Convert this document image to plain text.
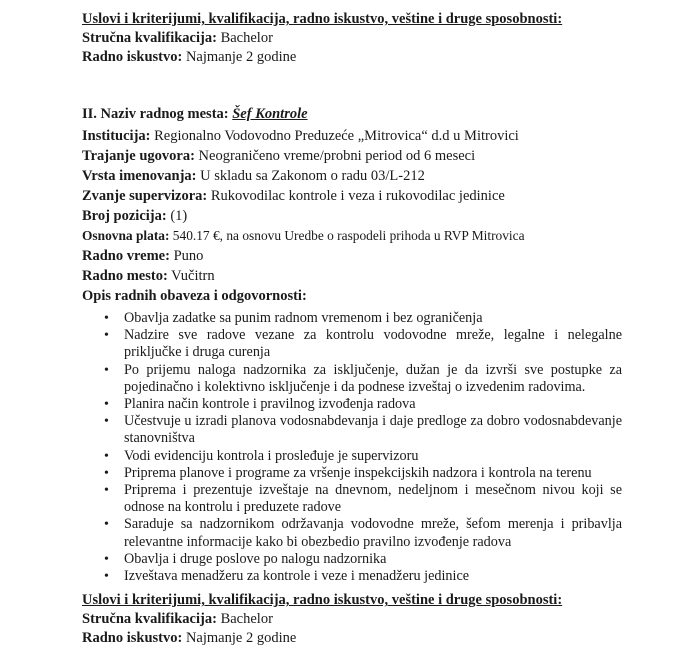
Uslovi i kriterijumi, kvalifikacija, radno iskustvo, veštine i druge sposobnosti:

Stručna kvalifikacija: Bachelor

Radno iskustvo: Najmanje 2 godine

II. Naziv radnog mesta: Šef Kontrole

Institucija: Regionalno Vodovodno Preduzeće „Mitrovica“ d.d u Mitrovici

Trajanje ugovora: Neograničeno vreme/probni period od 6 meseci

Vrsta imenovanja: U skladu sa Zakonom o radu 03/L-212

Zvanje supervizora: Rukovodilac kontrole i veza i rukovodilac jedinice

Broj pozicija: (1)

Osnovna plata: 540.17 €, na osnovu Uredbe o raspodeli prihoda u RVP Mitrovica

Radno vreme: Puno

Radno mesto: Vučitrn

Opis radnih obaveza i odgovornosti:

• Obavlja zadatke sa punim radnom vremenom i bez ograničenja
• Nadzire sve radove vezane za kontrolu vodovodne mreže, legalne i nelegalne priključke i druga curenja
• Po prijemu naloga nadzornika za isključenje, dužan je da izvrši sve postupke za pojedinačno i kolektivno isključenje i da podnese izveštaj o izvedenim radovima.
• Planira način kontrole i pravilnog izvođenja radova
• Učestvuje u izradi planova vodosnabdevanja i daje predloge za dobro vodosnabdevanje stanovništva
• Vodi evidenciju kontrola i prosleđuje je supervizoru
• Priprema planove i programe za vršenje inspekcijskih nadzora i kontrola na terenu
• Priprema i prezentuje izveštaje na dnevnom, nedeljnom i mesečnom nivou koji se odnose na kontrolu i preduzete radove
• Saraduje sa nadzornikom održavanja vodovodne mreže, šefom merenja i pribavlja relevantne informacije kako bi obezbedio pravilno izvođenje radova
• Obavlja i druge poslove po nalogu nadzornika
• Izveštava menadžeru za kontrole i veze i menadžeru jedinice

Uslovi i kriterijumi, kvalifikacija, radno iskustvo, veštine i druge sposobnosti:

Stručna kvalifikacija: Bachelor

Radno iskustvo: Najmanje 2 godine
